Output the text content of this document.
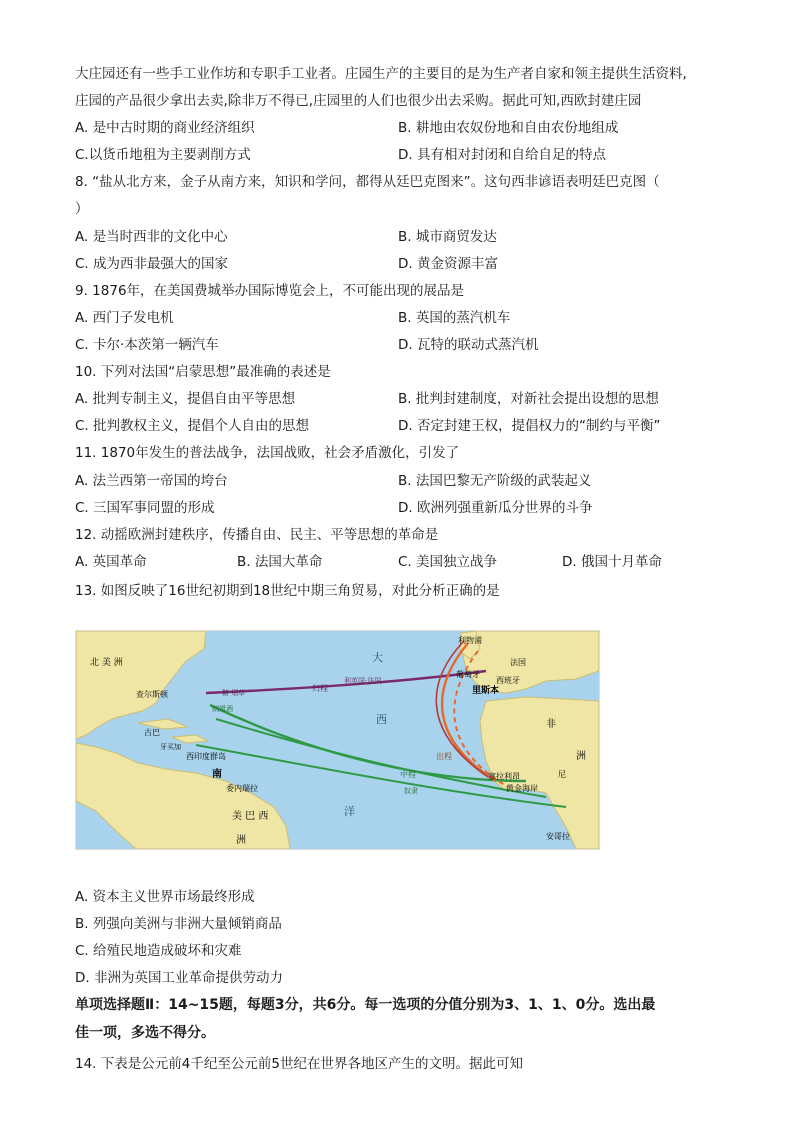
大庄园还有一些手工业作坊和专职手工业者。庄园生产的主要目的是为生产者自家和领主提供生活资料,
庄园的产品很少拿出去卖,除非万不得已,庄园里的人们也很少出去采购。据此可知,西欧封建庄园
A. 是中古时期的商业经济组织	B. 耕地由农奴份地和自由农份地组成
C.以货币地租为主要剥削方式	D. 具有相对封闭和自给自足的特点
8. “盐从北方来，金子从南方来，知识和学问，都得从廷巴克图来”。这句西非谚语表明廷巴克图（
）
A. 是当时西非的文化中心	B. 城市商贸发达
C. 成为西非最强大的国家	D. 黄金资源丰富
9. 1876年，在美国费城举办国际博览会上，不可能出现的展品是
A. 西门子发电机	B. 英国的蒸汽机车
C. 卡尔·本茨第一辆汽车	D. 瓦特的联动式蒸汽机
10. 下列对法国“启蒙思想”最准确的表述是
A. 批判专制主义，提倡自由平等思想	B. 批判封建制度，对新社会提出设想的思想
C. 批判教权主义，提倡个人自由的思想	D. 否定封建王权，提倡权力的“制约与平衡”
11. 1870年发生的普法战争，法国战败，社会矛盾激化，引发了
A. 法兰西第一帝国的垮台	B. 法国巴黎无产阶级的武装起义
C. 三国军事同盟的形成	D. 欧洲列强重新瓜分世界的斗争
12. 动摇欧洲封建秩序，传播自由、民主、平等思想的革命是
A. 英国革命	B. 法国大革命	C. 美国独立战争	D. 俄国十月革命
13. 如图反映了16世纪初期到18世纪中期三角贸易，对此分析正确的是
北 美 洲
查尔斯顿
古巴
牙买加
西印度群岛
南
委内瑞拉
美 巴 西
洲
大
西
洋
利物浦
法国
葡萄牙
西班牙
里斯本
非
洲
塞拉利昂
黄金海岸
安哥拉
尼
归程
利英国·法国
糖 烟草
朗姆酒
中程
奴隶
出程
A. 资本主义世界市场最终形成
B. 列强向美洲与非洲大量倾销商品
C. 给殖民地造成破坏和灾难
D. 非洲为英国工业革命提供劳动力
单项选择题Ⅱ：14~15题，每题3分，共6分。每一选项的分值分别为3、1、1、0分。选出最
佳一项，多选不得分。
14. 下表是公元前4千纪至公元前5世纪在世界各地区产生的文明。据此可知
